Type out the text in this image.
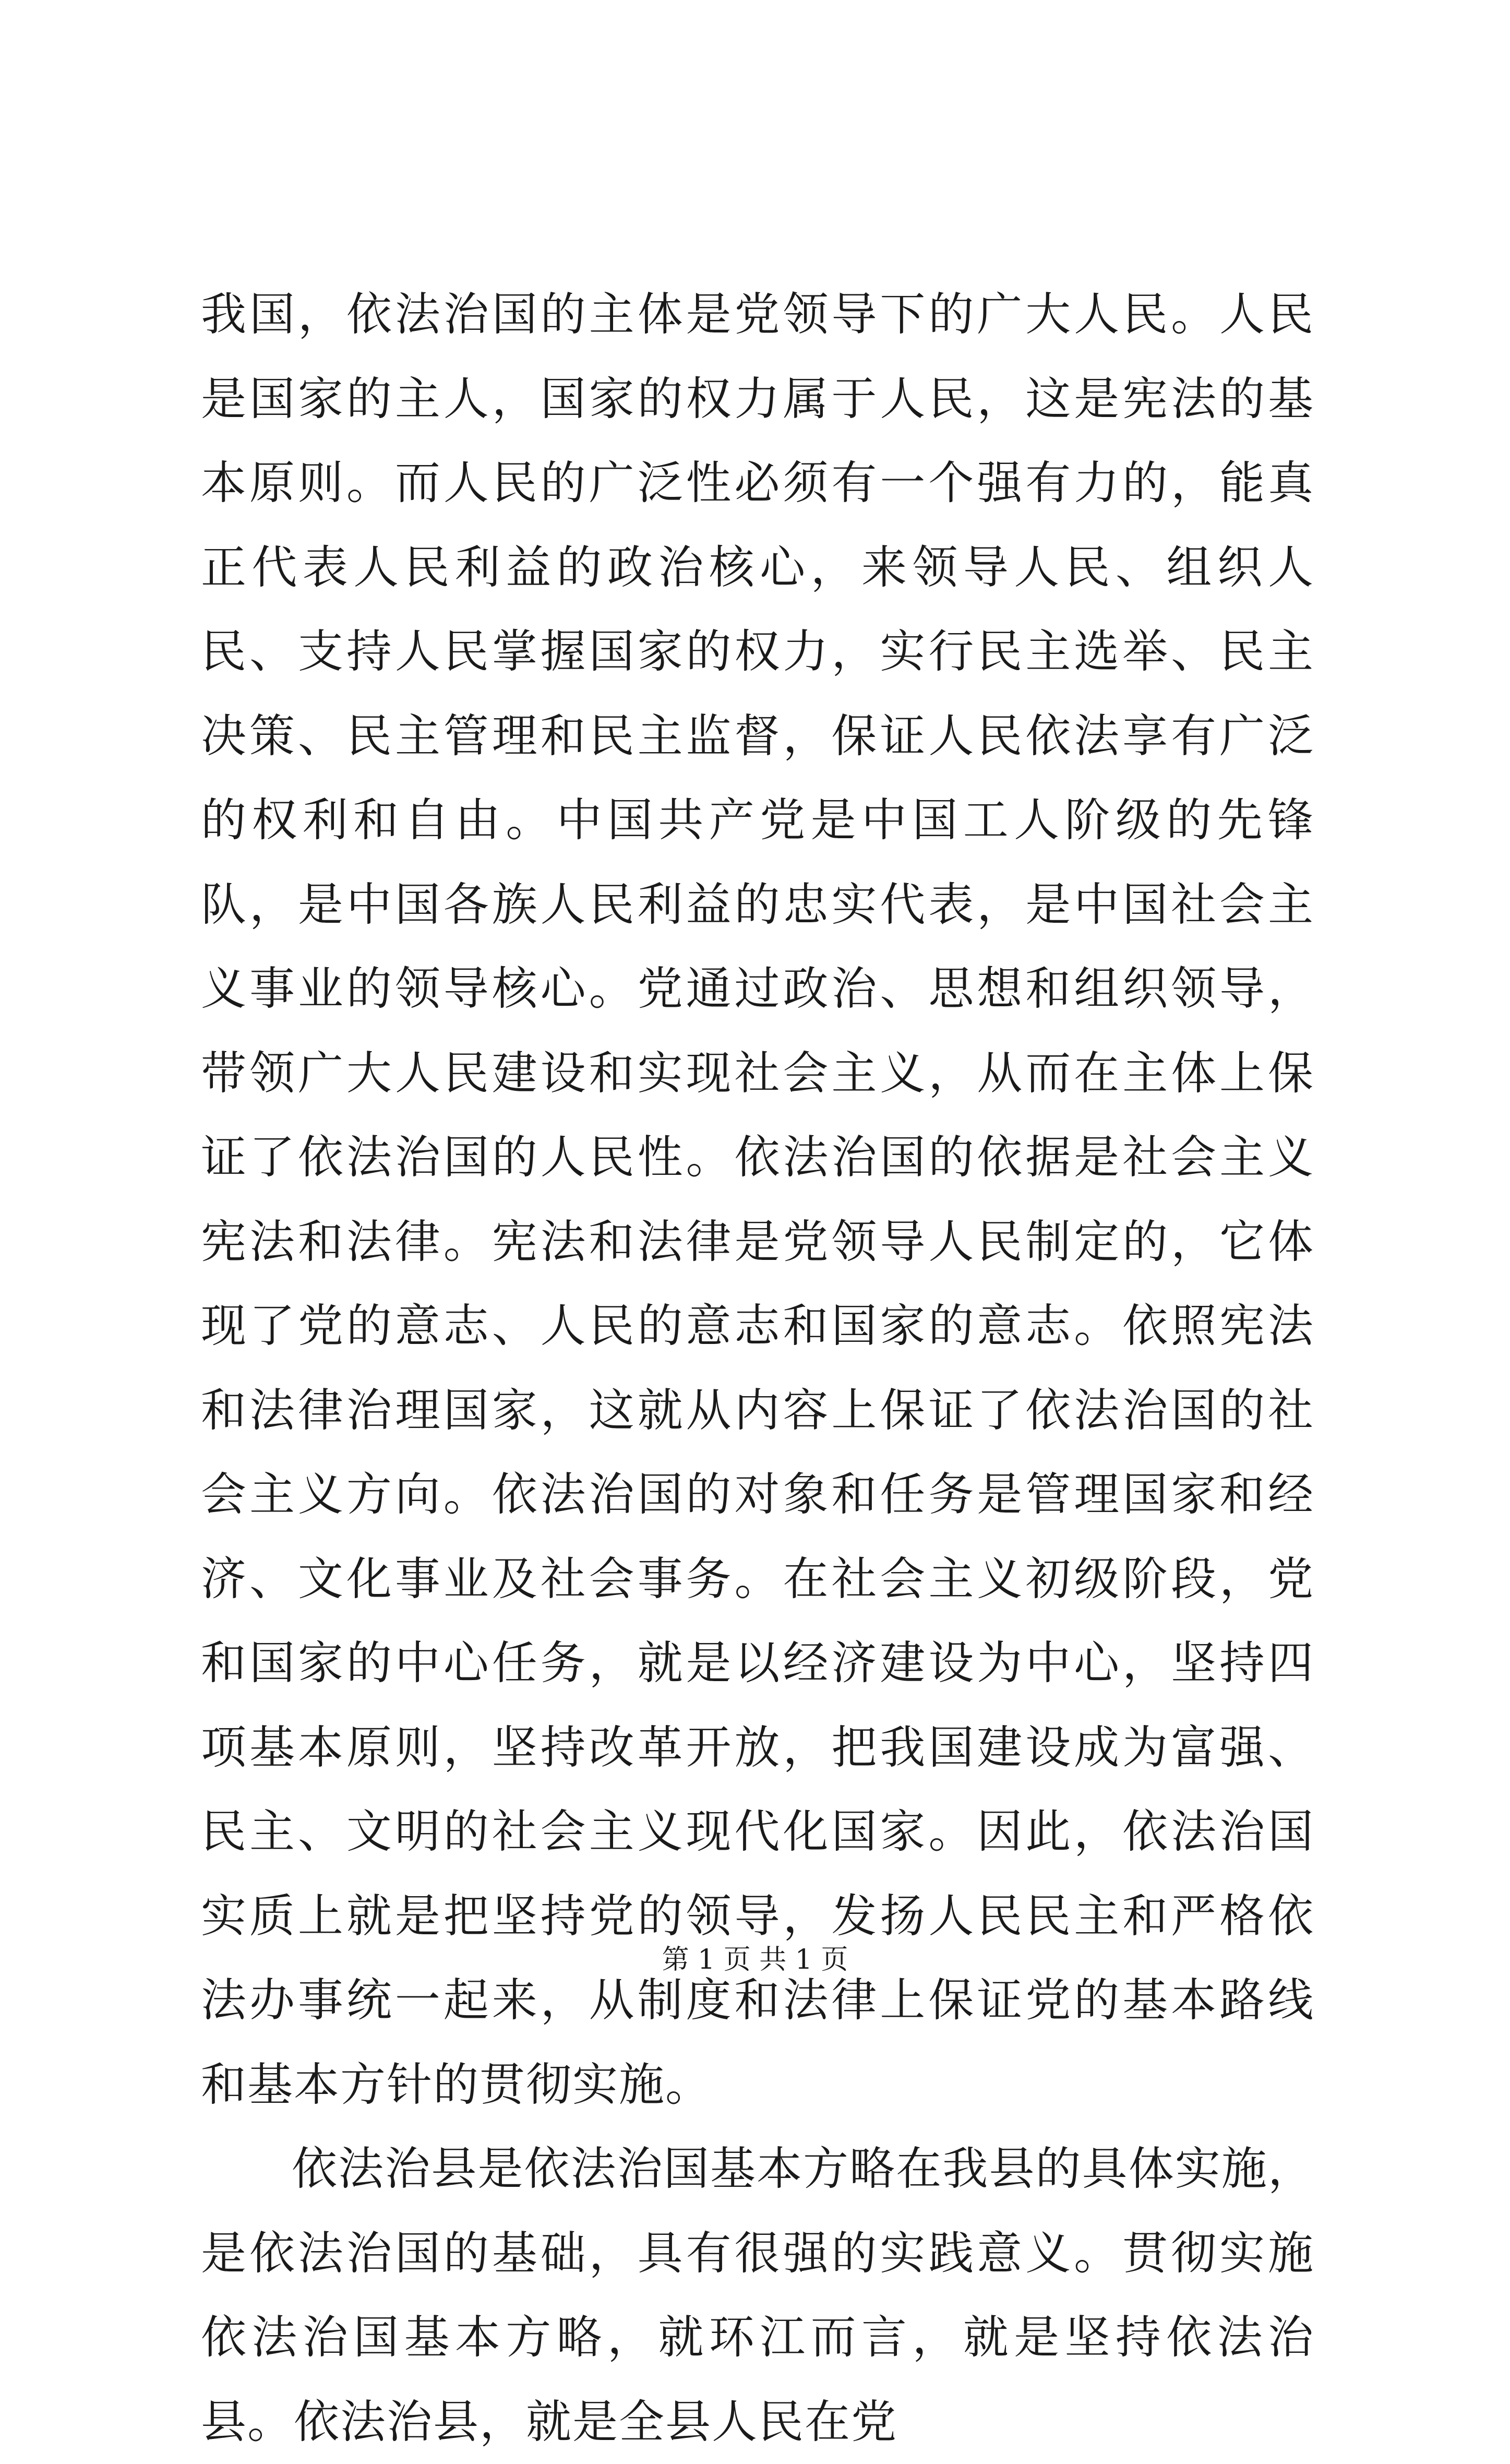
我国，依法治国的主体是党领导下的广大人民。人民是国家的主人，国家的权力属于人民，这是宪法的基本原则。而人民的广泛性必须有一个强有力的，能真正代表人民利益的政治核心，来领导人民、组织人民、支持人民掌握国家的权力，实行民主选举、民主决策、民主管理和民主监督，保证人民依法享有广泛的权利和自由。中国共产党是中国工人阶级的先锋队，是中国各族人民利益的忠实代表，是中国社会主义事业的领导核心。党通过政治、思想和组织领导，带领广大人民建设和实现社会主义，从而在主体上保证了依法治国的人民性。依法治国的依据是社会主义宪法和法律。宪法和法律是党领导人民制定的，它体现了党的意志、人民的意志和国家的意志。依照宪法和法律治理国家，这就从内容上保证了依法治国的社会主义方向。依法治国的对象和任务是管理国家和经济、文化事业及社会事务。在社会主义初级阶段，党和国家的中心任务，就是以经济建设为中心，坚持四项基本原则，坚持改革开放，把我国建设成为富强、民主、文明的社会主义现代化国家。因此，依法治国实质上就是把坚持党的领导，发扬人民民主和严格依法办事统一起来，从制度和法律上保证党的基本路线和基本方针的贯彻实施。

依法治县是依法治国基本方略在我县的具体实施，是依法治国的基础，具有很强的实践意义。贯彻实施依法治国基本方略，就环江而言，就是坚持依法治县。依法治县，就是全县人民在党

第 1 页 共 1 页
